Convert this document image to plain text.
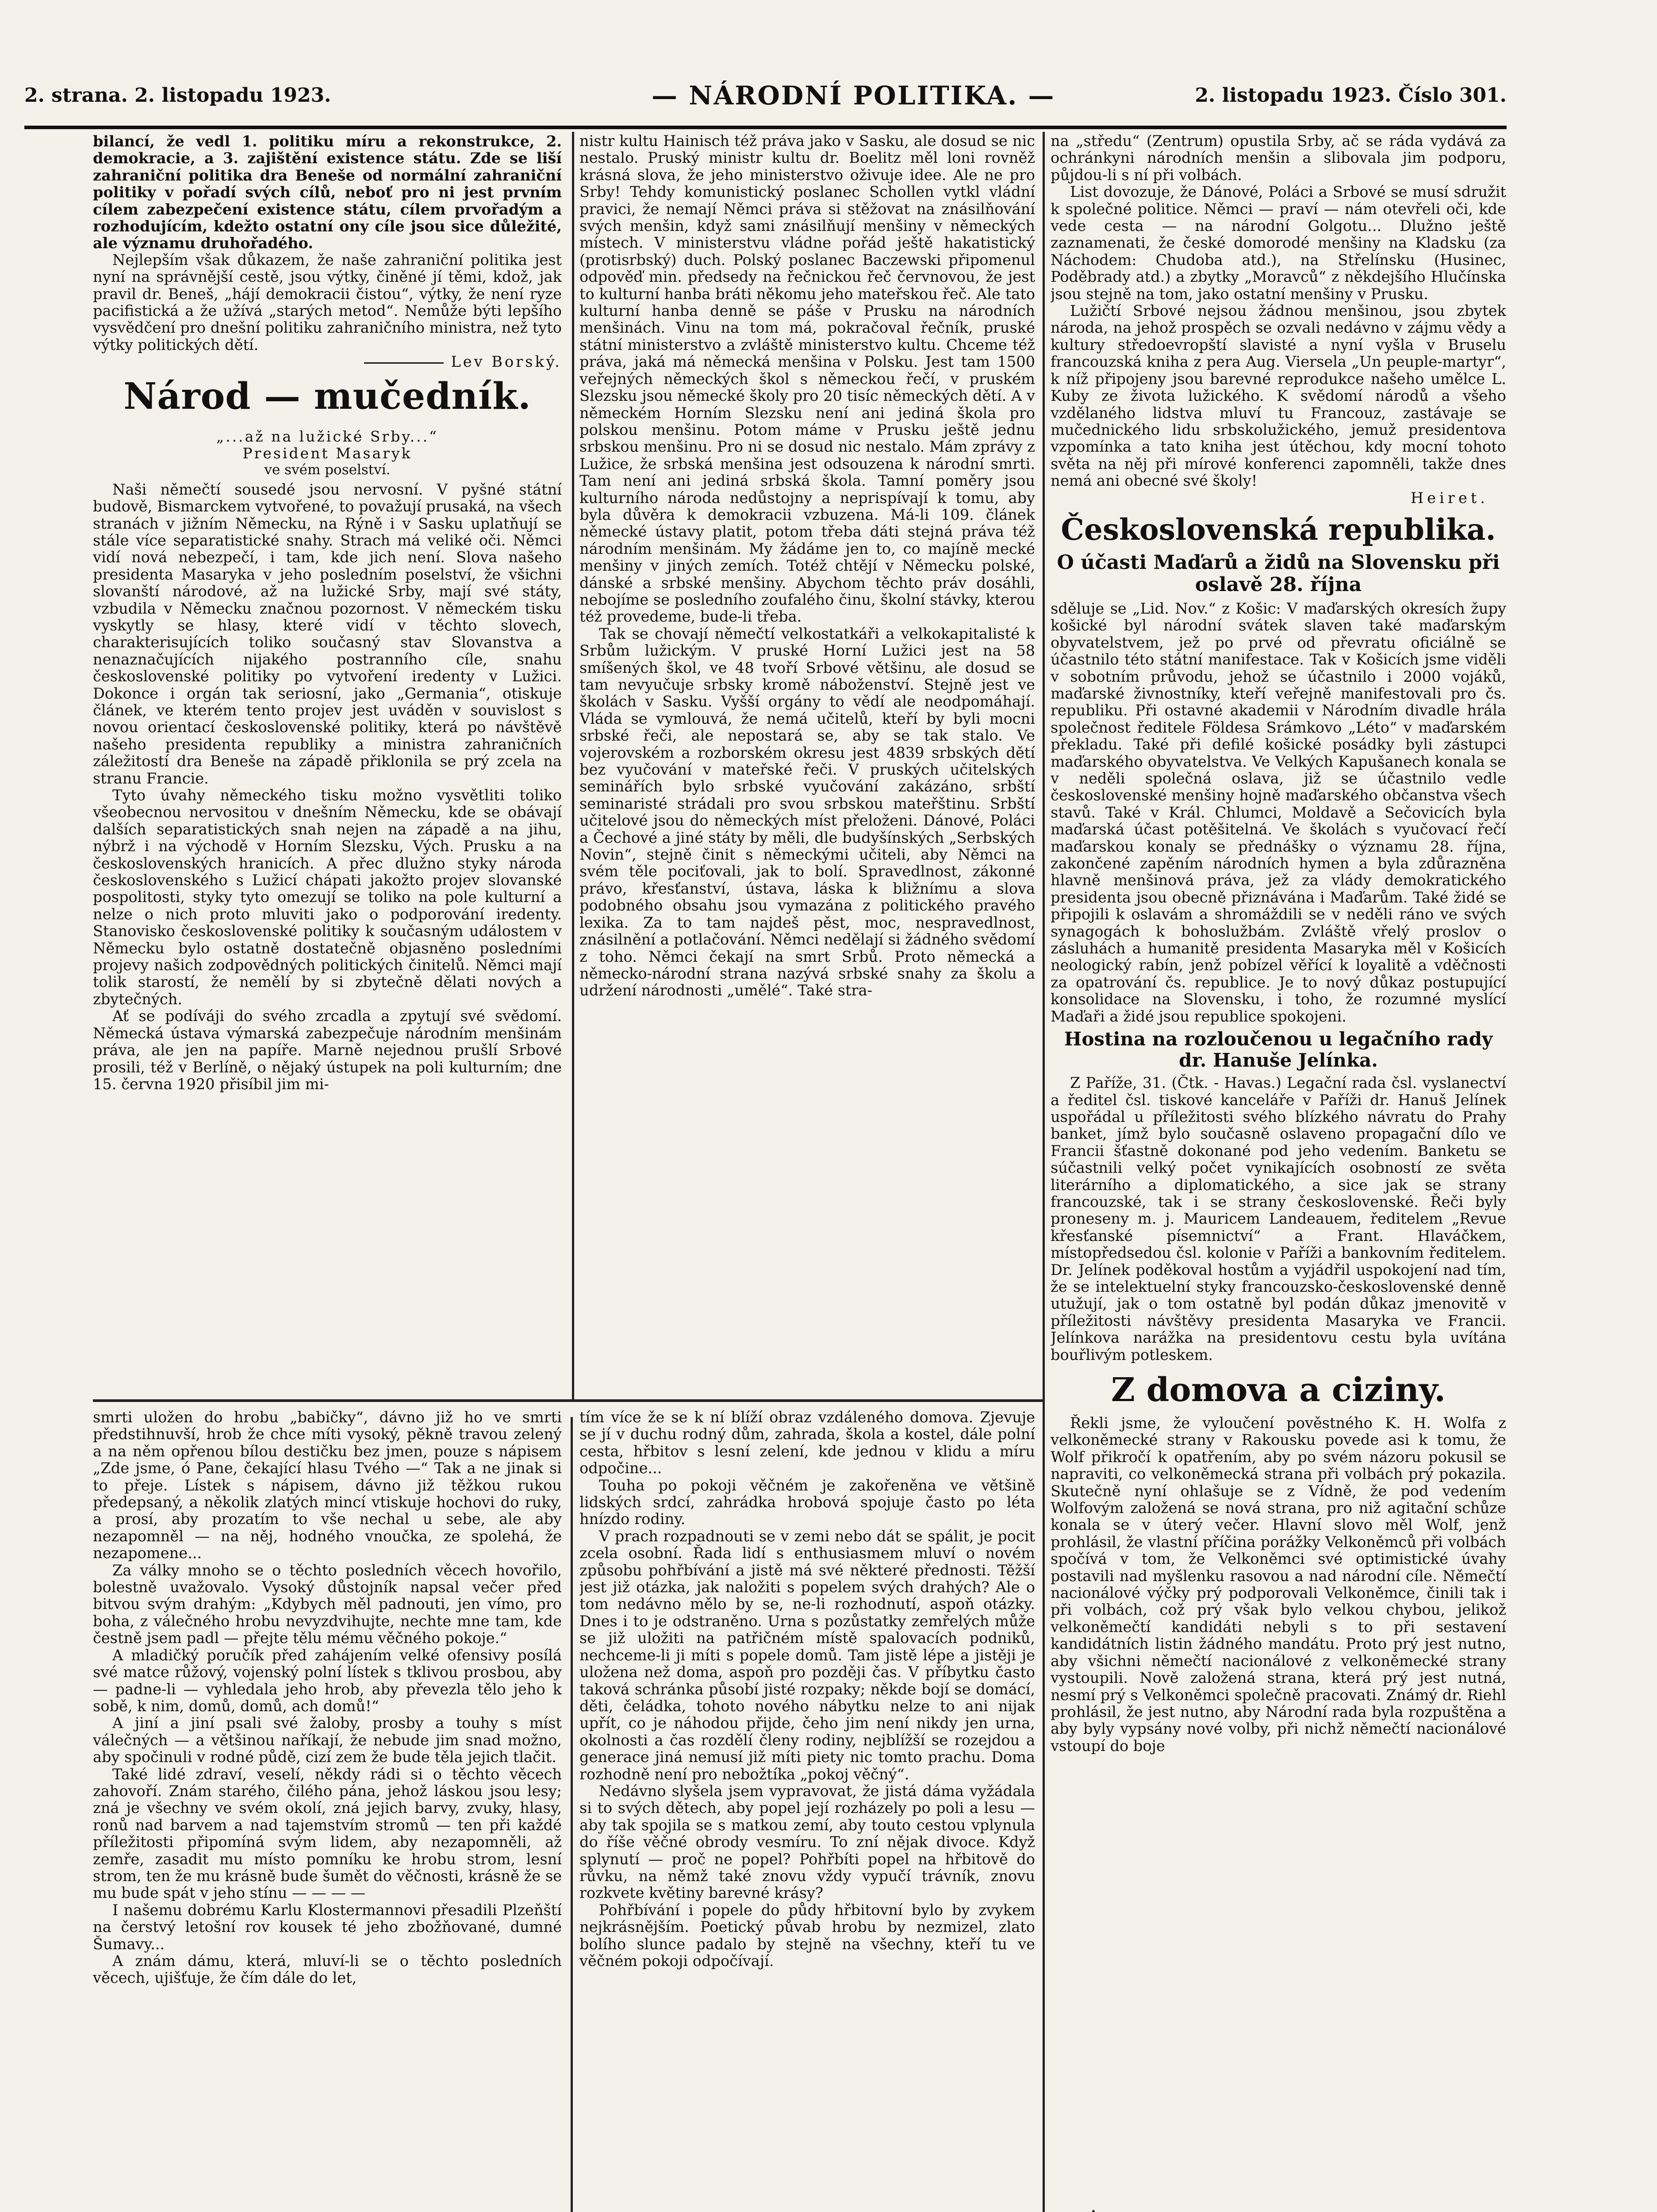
2. strana. 2. listopadu 1923.	— NÁRODNÍ POLITIKA. —	2. listopadu 1923. Číslo 301.

bilancí, že vedl 1. politiku míru a rekonstrukce, 2. demokracie, a 3. zajištění existence státu. Zde se liší zahraniční politika dra Beneše od normální zahraniční politiky v pořadí svých cílů, neboť pro ni jest prvním cílem zabezpečení existence státu, cílem prvořadým a rozhodujícím, kdežto ostatní ony cíle jsou sice důležité, ale významu druhořadého.

Nejlepším však důkazem, že naše zahraniční politika jest nyní na správnější cestě, jsou výtky, činěné jí těmi, kdož, jak pravil dr. Beneš, „hájí demokracii čistou“, výtky, že není ryze pacifistická a že užívá „starých metod“. Nemůže býti lepšího vysvědčení pro dnešní politiku zahraničního ministra, než tyto výtky politických dětí.

Lev Borský.
Národ — mučedník.
„...až na lužické Srby...“
President Masaryk
ve svém poselství.

Naši němečtí sousedé jsou nervosní. V pyšné státní budově, Bismarckem vytvořené, to považují prusaká, na všech stranách v jižním Německu, na Rýně i v Sasku uplatňují se stále více separatistické snahy. Strach má veliké oči. Němci vidí nová nebezpečí, i tam, kde jich není. Slova našeho presidenta Masaryka v jeho posledním poselství, že všichni slovanští národové, až na lužické Srby, mají své státy, vzbudila v Německu značnou pozornost. V německém tisku vyskytly se hlasy, které vidí v těchto slovech, charakterisujících toliko současný stav Slovanstva a nenaznačujících nijakého postranního cíle, snahu československé politiky po vytvoření iredenty v Lužici. Dokonce i orgán tak seriosní, jako „Germania“, otiskuje článek, ve kterém tento projev jest uváděn v souvislost s novou orientací československé politiky, která po návštěvě našeho presidenta republiky a ministra zahraničních záležitostí dra Beneše na západě přiklonila se prý zcela na stranu Francie.

Tyto úvahy německého tisku možno vysvětliti toliko všeobecnou nervositou v dnešním Německu, kde se obávají dalších separatistických snah nejen na západě a na jihu, nýbrž i na východě v Horním Slezsku, Vých. Prusku a na československých hranicích. A přec dlužno styky národa československého s Lužicí chápati jakožto projev slovanské pospolitosti, styky tyto omezují se toliko na pole kulturní a nelze o nich proto mluviti jako o podporování iredenty. Stanovisko československé politiky k současným událostem v Německu bylo ostatně dostatečně objasněno posledními projevy našich zodpovědných politických činitelů. Němci mají tolik starostí, že nemělí by si zbytečně dělati nových a zbytečných.

Ať se podíváji do svého zrcadla a zpytují své svědomí. Německá ústava výmarská zabezpečuje národním menšinám práva, ale jen na papíře. Marně nejednou prušlí Srbové prosili, též v Berlíně, o nějaký ústupek na poli kulturním; dne 15. června 1920 přisíbil jim mi-

nistr kultu Hainisch též práva jako v Sasku, ale dosud se nic nestalo. Pruský ministr kultu dr. Boelitz měl loni rovněž krásná slova, že jeho ministerstvo oživuje idee. Ale ne pro Srby! Tehdy komunistický poslanec Schollen vytkl vládní pravici, že nemají Němci práva si stěžovat na znásilňování svých menšin, když sami znásilňují menšiny v německých místech. V ministerstvu vládne pořád ještě hakatistický (protisrbský) duch. Polský poslanec Baczewski připomenul odpověď min. předsedy na řečnickou řeč červnovou, že jest to kulturní hanba bráti někomu jeho mateřskou řeč. Ale tato kulturní hanba denně se páše v Prusku na národních menšinách. Vinu na tom má, pokračoval řečník, pruské státní ministerstvo a zvláště ministerstvo kultu. Chceme též práva, jaká má německá menšina v Polsku. Jest tam 1500 veřejných německých škol s německou řečí, v pruském Slezsku jsou německé školy pro 20 tisíc německých dětí. A v německém Horním Slezsku není ani jediná škola pro polskou menšinu. Potom máme v Prusku ještě jednu srbskou menšinu. Pro ni se dosud nic nestalo. Mám zprávy z Lužice, že srbská menšina jest odsouzena k národní smrti. Tam není ani jediná srbská škola. Tamní poměry jsou kulturního národa nedůstojny a neprispívají k tomu, aby byla důvěra k demokracii vzbuzena. Má-li 109. článek německé ústavy platit, potom třeba dáti stejná práva též národním menšinám. My žádáme jen to, co majíně mecké menšiny v jiných zemích. Totéž chtějí v Německu polské, dánské a srbské menšiny. Abychom těchto práv dosáhli, nebojíme se posledního zoufalého činu, školní stávky, kterou též provedeme, bude-li třeba.

Tak se chovají němečtí velkostatkáři a velkokapitalisté k Srbům lužickým. V pruské Horní Lužici jest na 58 smíšených škol, ve 48 tvoří Srbové většinu, ale dosud se tam nevyučuje srbsky kromě náboženství. Stejně jest ve školách v Sasku. Vyšší orgány to vědí ale neodpomáhají. Vláda se vymlouvá, že nemá učitelů, kteří by byli mocni srbské řeči, ale nepostará se, aby se tak stalo. Ve vojerovském a rozborském okresu jest 4839 srbských dětí bez vyučování v mateřské řeči. V pruských učitelských seminářích bylo srbské vyučování zakázáno, srbští seminaristé strádali pro svou srbskou mateřštinu. Srbští učitelové jsou do německých míst přeloženi. Dánové, Poláci a Čechové a jiné státy by měli, dle budyšínských „Serbských Novin“, stejně činit s německými učiteli, aby Němci na svém těle pociťovali, jak to bolí. Spravedlnost, zákonné právo, křesťanství, ústava, láska k bližnímu a slova podobného obsahu jsou vymazána z politického pravého lexika. Za to tam najdeš pěst, moc, nespravedlnost, znásilnění a potlačování. Němci nedělají si žádného svědomí z toho. Němci čekají na smrt Srbů. Proto německá a německo-národní strana nazývá srbské snahy za školu a udržení národnosti „umělé“. Také stra-

na „středu“ (Zentrum) opustila Srby, ač se ráda vydává za ochránkyni národních menšin a slibovala jim podporu, půjdou-li s ní při volbách.

List dovozuje, že Dánové, Poláci a Srbové se musí sdružit k společné politice. Němci — praví — nám otevřeli oči, kde vede cesta — na národní Golgotu... Dlužno ještě zaznamenati, že české domorodé menšiny na Kladsku (za Náchodem: Chudoba atd.), na Střelínsku (Husinec, Poděbrady atd.) a zbytky „Moravců“ z někdejšího Hlučínska jsou stejně na tom, jako ostatní menšiny v Prusku.

Lužičtí Srbové nejsou žádnou menšinou, jsou zbytek národa, na jehož prospěch se ozvali nedávno v zájmu vědy a kultury středoevropští slavisté a nyní vyšla v Bruselu francouzská kniha z pera Aug. Viersela „Un peuple-martyr“, k níž připojeny jsou barevné reprodukce našeho umělce L. Kuby ze života lužického. K svědomí národů a všeho vzdělaného lidstva mluví tu Francouz, zastávaje se mučednického lidu srbskolužického, jemuž presidentova vzpomínka a tato kniha jest útěchou, kdy mocní tohoto světa na něj při mírové konferenci zapomněli, takže dnes nemá ani obecné své školy!

Heiret.
Československá republika.
O účasti Maďarů a židů na Slovensku při oslavě 28. října

sděluje se „Lid. Nov.“ z Košic: V maďarských okresích župy košické byl národní svátek slaven také maďarským obyvatelstvem, jež po prvé od převratu oficiálně se účastnilo této státní manifestace. Tak v Košicích jsme viděli v sobotním průvodu, jehož se účastnilo i 2000 vojáků, maďarské živnostníky, kteří veřejně manifestovali pro čs. republiku. Při ostavné akademii v Národním divadle hrála společnost ředitele Földesa Srámkovo „Léto“ v maďarském překladu. Také při defilé košické posádky byli zástupci maďarského obyvatelstva. Ve Velkých Kapušanech konala se v neděli společná oslava, již se účastnilo vedle československé menšiny hojně maďarského občanstva všech stavů. Také v Král. Chlumci, Moldavě a Sečovicích byla maďarská účast potěšitelná. Ve školách s vyučovací řečí maďarskou konaly se přednášky o významu 28. října, zakončené zapěním národních hymen a byla zdůrazněna hlavně menšinová práva, jež za vlády demokratického presidenta jsou obecně přiznávána i Maďarům. Také židé se připojili k oslavám a shromáždili se v neděli ráno ve svých synagogách k bohoslužbám. Zvláště vřelý proslov o zásluhách a humanitě presidenta Masaryka měl v Košicích neologický rabín, jenž pobízel věřící k loyalitě a vděčnosti za opatrování čs. republice. Je to nový důkaz postupující konsolidace na Slovensku, i toho, že rozumné myslící Maďaři a židé jsou republice spokojeni.

Hostina na rozloučenou u legačního rady dr. Hanuše Jelínka.

Z Paříže, 31. (Čtk. - Havas.) Legační rada čsl. vyslanectví a ředitel čsl. tiskové kanceláře v Paříži dr. Hanuš Jelínek uspořádal u příležitosti svého blízkého návratu do Prahy banket, jímž bylo současně oslaveno propagační dílo ve Francii šťastně dokonané pod jeho vedením. Banketu se súčastnili velký počet vynikajících osobností ze světa literárního a diplomatického, a sice jak se strany francouzské, tak i se strany československé. Řeči byly proneseny m. j. Mauricem Landeauem, ředitelem „Revue křesťanské písemnictví“ a Frant. Hlaváčkem, místopředsedou čsl. kolonie v Paříži a bankovním ředitelem. Dr. Jelínek poděkoval hostům a vyjádřil uspokojení nad tím, že se intelektuelní styky francouzsko-československé denně utužují, jak o tom ostatně byl podán důkaz jmenovitě v příležitosti návštěvy presidenta Masaryka ve Francii. Jelínkova narážka na presidentovu cestu byla uvítána bouřlivým potleskem.

Z domova a ciziny.

Řekli jsme, že vyloučení pověstného K. H. Wolfa z velkoněmecké strany v Rakousku povede asi k tomu, že Wolf přikročí k opatřením, aby po svém názoru pokusil se napraviti, co velkoněmecká strana při volbách prý pokazila. Skutečně nyní ohlašuje se z Vídně, že pod vedením Wolfovým založená se nová strana, pro niž agitační schůze konala se v úterý večer. Hlavní slovo měl Wolf, jenž prohlásil, že vlastní příčina porážky Velkoněmců při volbách spočívá v tom, že Velkoněmci své optimistické úvahy postavili nad myšlenku rasovou a nad národní cíle. Němečtí nacionálové výčky prý podporovali Velkoněmce, činili tak i při volbách, což prý však bylo velkou chybou, jelikož velkoněmečtí kandidáti nebyli s to při sestavení kandidátních listin žádného mandátu. Proto prý jest nutno, aby všichni němečtí nacionálové z velkoněmecké strany vystoupili. Nově založená strana, která prý jest nutná, nesmí prý s Velkoněmci společně pracovati. Známý dr. Riehl prohlásil, že jest nutno, aby Národní rada byla rozpuštěna a aby byly vypsány nové volby, při nichž němečtí nacionálové vstoupí do boje

smrti uložen do hrobu „babičky“, dávno již ho ve smrti předstihnuvší, hrob že chce míti vysoký, pěkně travou zelený a na něm opřenou bílou destičku bez jmen, pouze s nápisem „Zde jsme, ó Pane, čekající hlasu Tvého —“ Tak a ne jinak si to přeje. Lístek s nápisem, dávno již těžkou rukou předepsaný, a několik zlatých mincí vtiskuje hochovi do ruky, a prosí, aby prozatím to vše nechal u sebe, ale aby nezapomněl — na něj, hodného vnoučka, ze spolehá, že nezapomene...

Za války mnoho se o těchto posledních věcech hovořilo, bolestně uvažovalo. Vysoký důstojník napsal večer před bitvou svým drahým: „Kdybych měl padnouti, jen vímo, pro boha, z válečného hrobu nevyzdvihujte, nechte mne tam, kde čestně jsem padl — přejte tělu mému věčného pokoje.“

A mladičký poručík před zahájením velké ofensivy posílá své matce růžový, vojenský polní lístek s tklivou prosbou, aby — padne-li — vyhledala jeho hrob, aby převezla tělo jeho k sobě, k nim, domů, domů, ach domů!“

A jiní a jiní psali své žaloby, prosby a touhy s míst válečných — a většinou naříkají, že nebude jim snad možno, aby spočinuli v rodné půdě, cizí zem že bude těla jejich tlačit.

Také lidé zdraví, veselí, někdy rádi si o těchto věcech zahovoří. Znám starého, čilého pána, jehož láskou jsou lesy; zná je všechny ve svém okolí, zná jejich barvy, zvuky, hlasy, ronů nad barvem a nad tajemstvím stromů — ten při každé příležitosti připomíná svým lidem, aby nezapomněli, až zemře, zasadit mu místo pomníku ke hrobu strom, lesní strom, ten že mu krásně bude šumět do věčnosti, krásně že se mu bude spát v jeho stínu — — — —

I našemu dobrému Karlu Klostermannovi přesadili Plzeňští na čerstvý letošní rov kousek té jeho zbožňované, dumné Šumavy...

A znám dámu, která, mluví-li se o těchto posledních věcech, ujišťuje, že čím dále do let,

tím více že se k ní blíží obraz vzdáleného domova. Zjevuje se jí v duchu rodný dům, zahrada, škola a kostel, dále polní cesta, hřbitov s lesní zelení, kde jednou v klidu a míru odpočine...

Touha po pokoji věčném je zakořeněna ve většině lidských srdcí, zahrádka hrobová spojuje často po léta hnízdo rodiny.

V prach rozpadnouti se v zemi nebo dát se spálit, je pocit zcela osobní. Řada lidí s enthusiasmem mluví o novém způsobu pohřbívání a jistě má své některé přednosti. Těžší jest již otázka, jak naložiti s popelem svých drahých? Ale o tom nedávno mělo by se, ne-li rozhodnutí, aspoň otázky. Dnes i to je odstraněno. Urna s pozůstatky zemřelých může se již uložiti na patřičném místě spalovacích podniků, nechceme-li ji míti s popele domů. Tam jistě lépe a jistěji je uložena než doma, aspoň pro později čas. V příbytku často taková schránka působí jisté rozpaky; někde bojí se domácí, děti, čeládka, tohoto nového nábytku nelze to ani nijak upřít, co je náhodou přijde, čeho jim není nikdy jen urna, okolnosti a čas rozdělí členy rodiny, nejblížší se rozejdou a generace jiná nemusí již míti piety nic tomto prachu. Doma rozhodně není pro nebožtíka „pokoj věčný“.

Nedávno slyšela jsem vypravovat, že jistá dáma vyžádala si to svých dětech, aby popel její rozházely po poli a lesu — aby tak spojila se s matkou zemí, aby touto cestou vplynula do říše věčné obrody vesmíru. To zní nějak divoce. Když splynutí — proč ne popel? Pohřbíti popel na hřbitově do růvku, na němž také znovu vždy vypučí trávník, znovu rozkvete květiny barevné krásy?

Pohřbívání i popele do půdy hřbitovní bylo by zvykem nejkrásnějším. Poetický půvab hrobu by nezmizel, zlato bolího slunce padalo by stejně na všechny, kteří tu ve věčném pokoji odpočívají.
